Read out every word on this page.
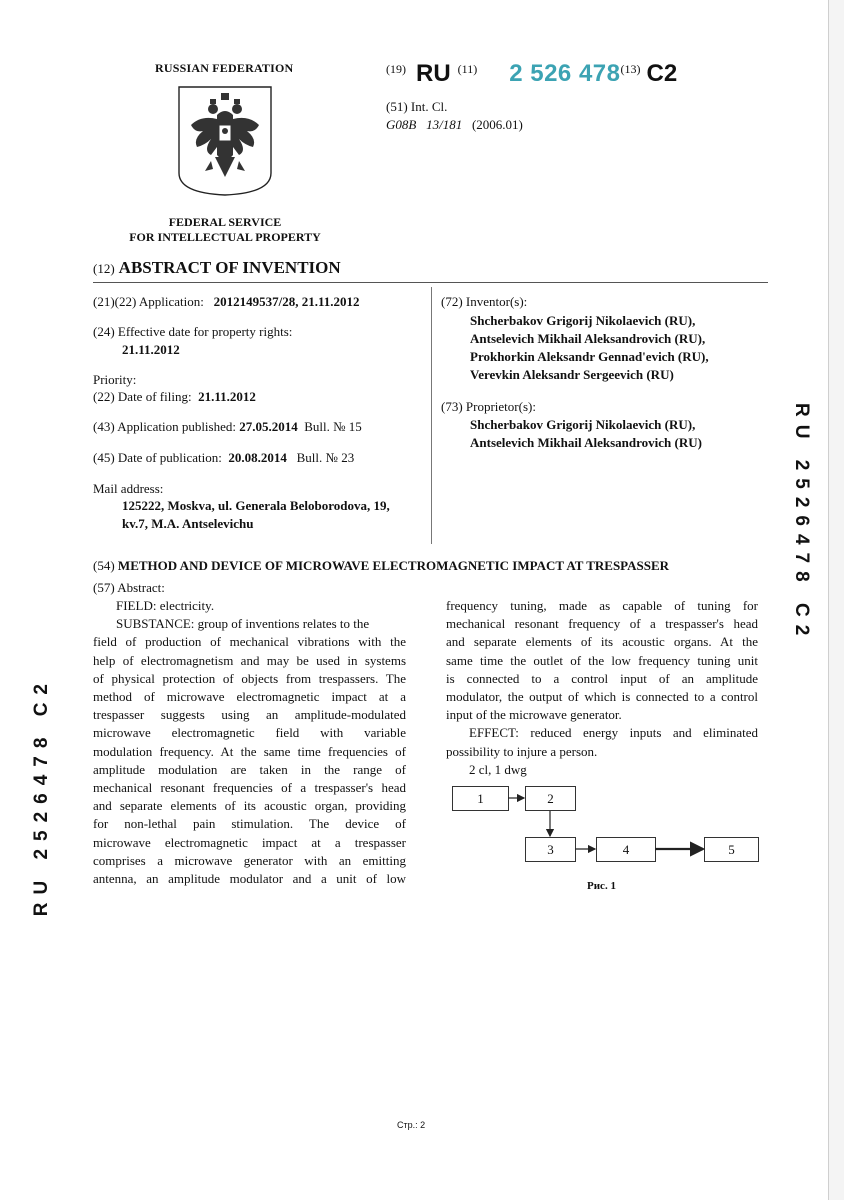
RUSSIAN FEDERATION
FEDERAL SERVICE
FOR INTELLECTUAL PROPERTY
$^{(19)}$ RU $^{(11)}$ 2 526 478$^{(13)}$ C2
(51) Int. Cl.
G08B   13/181 (2006.01)
(12) ABSTRACT OF INVENTION
(21)(22) Application: 2012149537/28, 21.11.2012
(24) Effective date for property rights:
21.11.2012
Priority:
(22) Date of filing: 21.11.2012
(43) Application published: 27.05.2014 Bull. № 15
(45) Date of publication: 20.08.2014 Bull. № 23
Mail address:
125222, Moskva, ul. Generala Beloborodova, 19,
kv.7, M.A. Antselevichu
(72) Inventor(s):
Shcherbakov Grigorij Nikolaevich (RU),
Antselevich Mikhail Aleksandrovich (RU),
Prokhorkin Aleksandr Gennad'evich (RU),
Verevkin Aleksandr Sergeevich (RU)
(73) Proprietor(s):
Shcherbakov Grigorij Nikolaevich (RU),
Antselevich Mikhail Aleksandrovich (RU)
(54) METHOD AND DEVICE OF MICROWAVE ELECTROMAGNETIC IMPACT AT TRESPASSER
(57) Abstract:

FIELD: electricity.

SUBSTANCE: group of inventions relates to the

field of production of mechanical vibrations with the

help of electromagnetism and may be used in systems

of physical protection of objects from trespassers. The

method of microwave electromagnetic impact at a

trespasser suggests using an amplitude-modulated

microwave electromagnetic field with variable

modulation frequency. At the same time frequencies of

amplitude modulation are taken in the range of

mechanical resonant frequencies of a trespasser's head

and separate elements of its acoustic organ, providing

for non-lethal pain stimulation. The device of

microwave electromagnetic impact at a trespasser

comprises a microwave generator with an emitting

antenna, an amplitude modulator and a unit of low

frequency tuning, made as capable of tuning for

mechanical resonant frequency of a trespasser's head

and separate elements of its acoustic organs. At the

same time the outlet of the low frequency tuning unit

is connected to a control input of an amplitude

modulator, the output of which is connected to a control

input of the microwave generator.

EFFECT: reduced energy inputs and eliminated

possibility to injure a person.

2 cl, 1 dwg

1	2
3	4	5
Рис. 1
RU 2526478 C2
RU 2526478 C2
Стр.: 2
